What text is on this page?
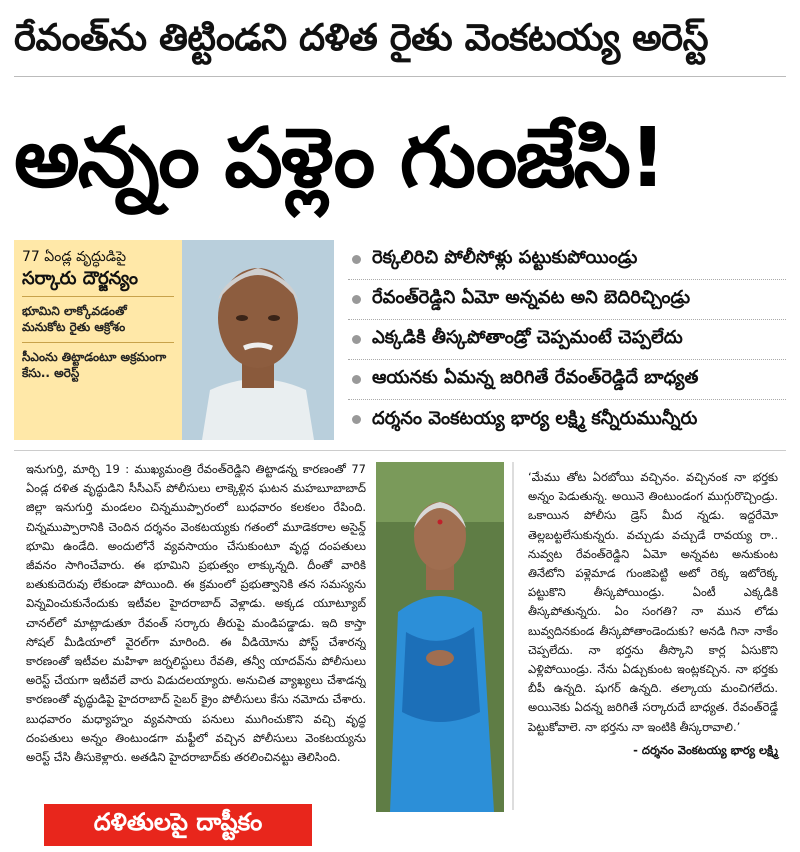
రేవంత్‌ను తిట్టిండని దళిత రైతు వెంకటయ్య అరెస్ట్
అన్నం పళ్లెం గుంజేసి!
77 ఏండ్ల వృద్ధుడిపై
సర్కారు దౌర్జన్యం
భూమిని లాక్కోవడంతో మనుకోట రైతు ఆక్రోశం
సీఎంను తిట్టాడంటూ అక్రమంగా కేసు.. అరెస్ట్
రెక్కలిరిచి పోలీసోళ్లు పట్టుకుపోయిండ్రు
రేవంత్‌రెడ్డిని ఏమో అన్నవట అని బెదిరిచ్చిండ్రు
ఎక్కడికి తీస్కపోతాండ్రో చెప్పమంటే చెప్పలేదు
ఆయనకు ఏమన్న జరిగితే రేవంత్‌రెడ్డిదే బాధ్యత
దర్శనం వెంకటయ్య భార్య లక్ష్మి కన్నీరుమున్నీరు
ఇనుగుర్తి, మార్చి 19 : ముఖ్యమంత్రి రేవంత్‌రెడ్డిని తిట్టాడన్న కారణంతో 77 ఏండ్ల దళిత వృద్ధుడిని సీసీఎస్ పోలీసులు లాక్కెళ్లిన ఘటన మహబూబాబాద్ జిల్లా ఇనుగుర్తి మండలం చిన్నముప్పారంలో బుధవారం కలకలం రేపింది. చిన్నముప్పారానికి చెందిన దర్శనం వెంకటయ్యకు గతంలో మూడెకరాల అసైన్డ్ భూమి ఉండేది. అందులోనే వ్యవసాయం చేసుకుంటూ వృద్ధ దంపతులు జీవనం సాగించేవారు. ఈ భూమిని ప్రభుత్వం లాక్కున్నది. దీంతో వారికి బతుకుదెరువు లేకుండా పోయింది. ఈ క్రమంలో ప్రభుత్వానికి తన సమస్యను విన్నవించుకునేందుకు ఇటీవల హైదరాబాద్ వెళ్లాడు. అక్కడ యూట్యూబ్ చానల్‌లో మాట్లాడుతూ రేవంత్ సర్కారు తీరుపై మండిపడ్డాడు. ఇది కాస్తా సోషల్ మీడియాలో వైరల్‌గా మారింది. ఈ వీడియోను పోస్ట్ చేశారన్న కారణంతో ఇటీవల మహిళా జర్నలిస్టులు రేవతి, తన్వీ యాదవ్‌ను పోలీసులు అరెస్ట్ చేయగా ఇటీవలే వారు విడుదలయ్యారు. అనుచిత వ్యాఖ్యలు చేశాడన్న కారణంతో వృద్ధుడిపై హైదరాబాద్ సైబర్ క్రైం పోలీసులు కేసు నమోదు చేశారు. బుధవారం మధ్యాహ్నం వ్యవసాయ పనులు ముగించుకొని వచ్చి వృద్ధ దంపతులు అన్నం తింటుండగా మఫ్టీలో వచ్చిన పోలీసులు వెంకటయ్యను అరెస్ట్ చేసి తీసుకెళ్లారు. అతడిని హైదరాబాద్‌కు తరలించినట్టు తెలిసింది.
‘మేము తోట ఏరబోయి వచ్చినం. వచ్చినంక నా భర్తకు అన్నం పెడుతున్న. అయినె తింటుండంగ ముగ్గురొచ్చిండ్రు. ఒకాయిన పోలీసు డ్రెస్ మీద న్నడు. ఇద్దరేమో తెల్లబట్టలేసుకున్నరు. వచ్చుడు వచ్చుడే రావయ్య రా.. నువ్వట రేవంత్‌రెడ్డిని ఏమో అన్నవట అనుకుంట తినేటోని పళ్లెమాడ గుంజిపెట్టి అటో రెక్క ఇటోరెక్క పట్టుకొని తీస్కపోయిండ్రు. ఏంటీ ఎక్కడికి తీస్కపోతున్నరు. ఏం సంగతి? నా మున లోడు బువ్వదినకుండ తీస్కపోతాండెందుకు? అనడి గినా నాకేం చెప్పలేదు. నా భర్తను తీస్కొని కార్ల ఏసుకొని ఎళ్లిపోయిండ్రు. నేను ఏడ్చుకుంట ఇంట్లకచ్చిన. నా భర్తకు బీపీ ఉన్నది. షుగర్ ఉన్నది. తల్కాయ మంచిగలేదు. అయినెకు ఏదన్న జరిగితే సర్కారుదే బాధ్యత. రేవంత్‌రెడ్డే పెట్టుకోవాలె. నా భర్తను నా ఇంటికి తీస్కరావాలి.’
- దర్శనం వెంకటయ్య భార్య లక్ష్మి
దళితులపై దాష్టీకం
